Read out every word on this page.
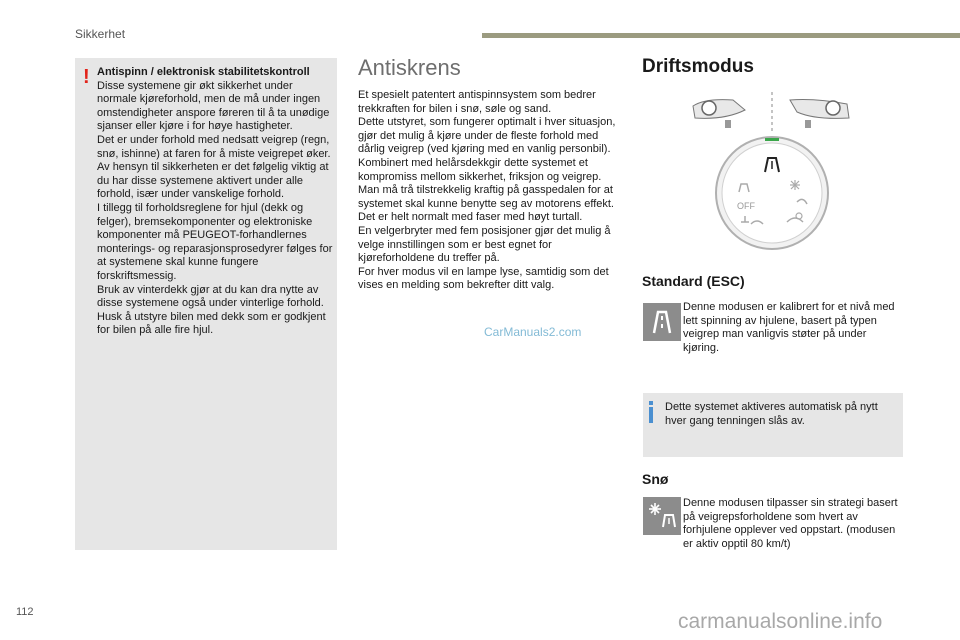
Sikkerhet
! Antispinn / elektronisk stabilitetskontroll

Disse systemene gir økt sikkerhet under normale kjøreforhold, men de må under ingen omstendigheter anspore føreren til å ta unødige sjanser eller kjøre i for høye hastigheter.

Det er under forhold med nedsatt veigrep (regn, snø, ishinne) at faren for å miste veigrepet øker. Av hensyn til sikkerheten er det følgelig viktig at du har disse systemene aktivert under alle forhold, især under vanskelige forhold.

I tillegg til forholdsreglene for hjul (dekk og felger), bremsekomponenter og elektroniske komponenter må PEUGEOT-forhandlernes monterings- og reparasjonsprosedyrer følges for at systemene skal kunne fungere forskriftsmessig.

Bruk av vinterdekk gjør at du kan dra nytte av disse systemene også under vinterlige forhold.

Husk å utstyre bilen med dekk som er godkjent for bilen på alle fire hjul.

Antiskrens

Et spesielt patentert antispinnsystem som bedrer trekkraften for bilen i snø, søle og sand.

Dette utstyret, som fungerer optimalt i hver situasjon, gjør det mulig å kjøre under de fleste forhold med dårlig veigrep (ved kjøring med en vanlig personbil).

Kombinert med helårsdekkgir dette systemet et kompromiss mellom sikkerhet, friksjon og veigrep.

Man må trå tilstrekkelig kraftig på gasspedalen for at systemet skal kunne benytte seg av motorens effekt. Det er helt normalt med faser med høyt turtall.

En velgerbryter med fem posisjoner gjør det mulig å velge innstillingen som er best egnet for kjøreforholdene du treffer på.

For hver modus vil en lampe lyse, samtidig som det vises en melding som bekrefter ditt valg.

CarManuals2.com
Driftsmodus
OFF
Standard (ESC)
Denne modusen er kalibrert for et nivå med lett spinning av hjulene, basert på typen veigrep man vanligvis støter på under kjøring.
Dette systemet aktiveres automatisk på nytt hver gang tenningen slås av.
Snø
Denne modusen tilpasser sin strategi basert på veigrepsforholdene som hvert av forhjulene opplever ved oppstart. (modusen er aktiv opptil 80 km/t)
112	carmanualsonline.info
